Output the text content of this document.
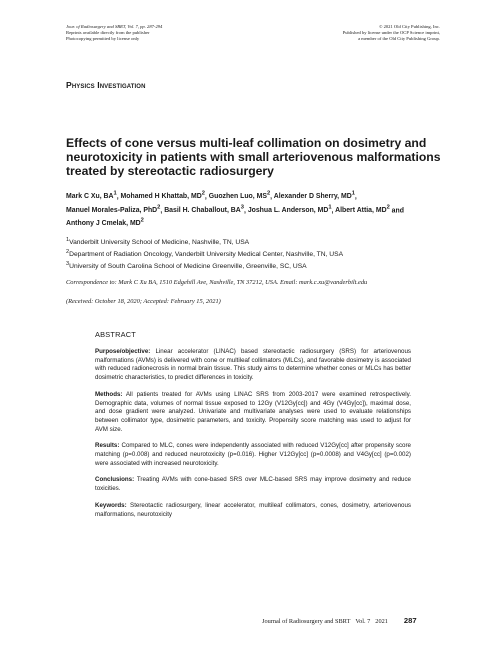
Jour. of Radiosurgery and SBRT, Vol. 7, pp. 287-294
Reprints available directly from the publisher
Photocopying permitted by license only
© 2021 Old City Publishing, Inc.
Published by license under the OCP Science imprint,
a member of the Old City Publishing Group.
Physics Investigation
Effects of cone versus multi-leaf collimation on dosimetry and neurotoxicity in patients with small arteriovenous malformations treated by stereotactic radiosurgery
Mark C Xu, $BA^1$, Mohamed H Khattab, $MD^2$, Guozhen Luo, $MS^2$, Alexander D Sherry, $MD^1$,
Manuel Morales-Paliza, PhD$^2$, Basil H. Chaballout, $BA^3$, Joshua L. Anderson, $MD^1$, Albert Attia, $MD^2$ and
Anthony J Cmelak, $MD^2$
$^1$Vanderbilt University School of Medicine, Nashville, TN, USA
$^2$Department of Radiation Oncology, Vanderbilt University Medical Center, Nashville, TN, USA
$^3$University of South Carolina School of Medicine Greenville, Greenville, SC, USA
Correspondence to: Mark C Xu BA, 1510 Edgehill Ave, Nashville, TN 37212, USA. Email: mark.c.xu@vanderbilt.edu
(Received: October 18, 2020; Accepted: February 15, 2021)
ABSTRACT

Purpose/objective: Linear accelerator (LINAC) based stereotactic radiosurgery (SRS) for arteriovenous malformations (AVMs) is delivered with cone or multileaf collimators (MLCs), and favorable dosimetry is associated with reduced radionecrosis in normal brain tissue. This study aims to determine whether cones or MLCs has better dosimetric characteristics, to predict differences in toxicity.

Methods: All patients treated for AVMs using LINAC SRS from 2003-2017 were examined retrospectively. Demographic data, volumes of normal tissue exposed to 12Gy (V12Gy[cc]) and 4Gy (V4Gy[cc]), maximal dose, and dose gradient were analyzed. Univariate and multivariate analyses were used to evaluate relationships between collimator type, dosimetric parameters, and toxicity. Propensity score matching was used to adjust for AVM size.

Results: Compared to MLC, cones were independently associated with reduced V12Gy[cc] after propensity score matching (p=0.008) and reduced neurotoxicity (p=0.016). Higher V12Gy[cc] (p=0.0008) and V4Gy[cc] (p=0.002) were associated with increased neurotoxicity.

Conclusions: Treating AVMs with cone-based SRS over MLC-based SRS may improve dosimetry and reduce toxicities.

Keywords: Stereotactic radiosurgery, linear accelerator, multileaf collimators, cones, dosimetry, arteriovenous malformations, neurotoxicity

Journal of Radiosurgery and SBRT Vol. 7 2021 287
